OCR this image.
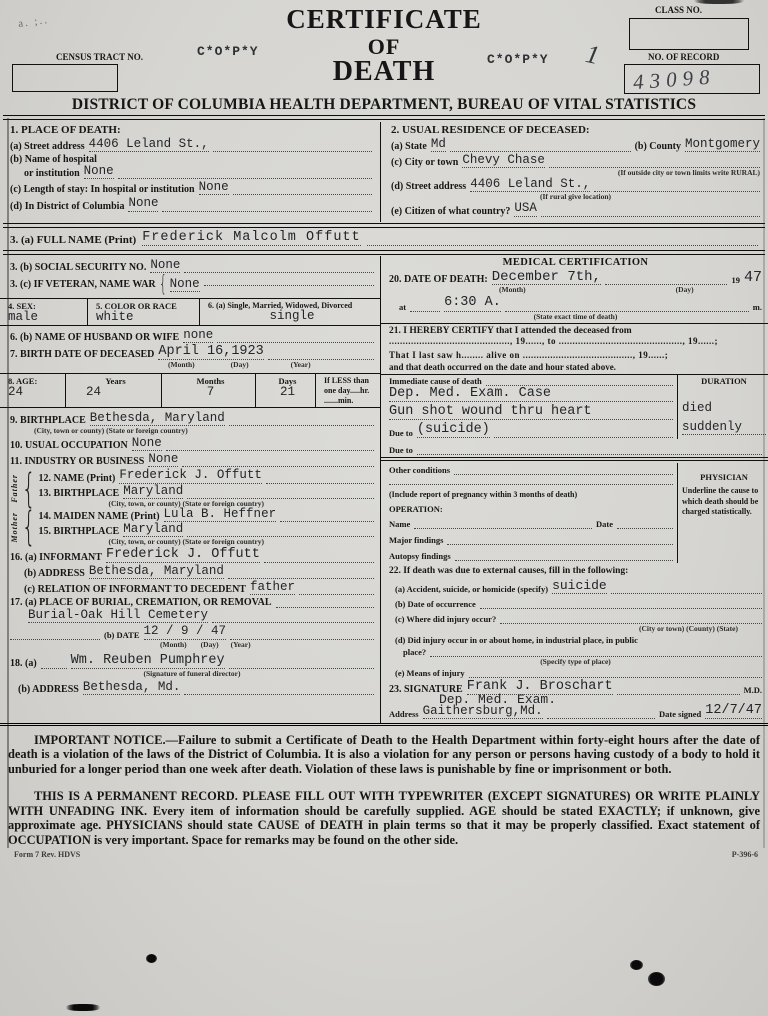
a. ;..	CERTIFICATE
OF
DEATH
C*O*P*Y
C*O*P*Y 1
CENSUS TRACT NO.
CLASS NO.
NO. OF RECORD
43098
DISTRICT OF COLUMBIA HEALTH DEPARTMENT, BUREAU OF VITAL STATISTICS
1. PLACE OF DEATH:
(a) Street address 4406 Leland St.,
(b) Name of hospital
or institution None
(c) Length of stay: In hospital or institution None
(d) In District of Columbia None
2. USUAL RESIDENCE OF DECEASED:
(a) State Md	(b) County Montgomery
(c) City or town Chevy Chase
(If outside city or town limits write RURAL)
(d) Street address 4406 Leland St.,
(If rural give location)
(e) Citizen of what country? USA
3. (a) FULL NAME (Print) Frederick Malcolm Offutt
3. (b) SOCIAL SECURITY NO. None
3. (c) IF VETERAN, NAME WAR { None
4. SEX:
male
5. COLOR OR RACE
white
6. (a) Single, Married, Widowed, Divorced
single
6. (b) NAME OF HUSBAND OR WIFE none
7. BIRTH DATE OF DECEASED April 16,1923
(Month)	(Day)	(Year)
8. AGE:
24
Years
24
Months
7
Days
21
If LESS than one day.....hr. .......min.
9. BIRTHPLACE Bethesda, Maryland
(City, town or county) (State or foreign country)
10. USUAL OCCUPATION None
11. INDUSTRY OR BUSINESS None
Father { 12. NAME (Print) Frederick J. Offutt
13. BIRTHPLACE Maryland
(City, town, or county) (State or foreign country)
Mother { 14. MAIDEN NAME (Print) Lula B. Heffner
15. BIRTHPLACE Maryland
(City, town, or county) (State or foreign country)
16. (a) INFORMANT Frederick J. Offutt
(b) ADDRESS Bethesda, Maryland
(c) RELATION OF INFORMANT TO DECEDENT father
17. (a) PLACE OF BURIAL, CREMATION, OR REMOVAL
Burial-Oak Hill Cemetery
(b) DATE 12 / 9 / 47
(Month) (Day) (Year)
18. (a)	Wm. Reuben Pumphrey
(Signature of funeral director)
(b) ADDRESS Bethesda, Md.
MEDICAL CERTIFICATION
20. DATE OF DEATH: December 7th,	19 47
(Month)	(Day)
at	6:30 A.	m.
(State exact time of death)
21. I HEREBY CERTIFY that I attended the deceased from
............................................, 19......, to ............................................., 19......;
That I last saw h........ alive on ........................................, 19......;
and that death occurred on the date and hour stated above.
Immediate cause of death
Dep. Med. Exam. Case
Gun shot wound thru heart
Due to (suicide)
DURATION
died
suddenly
Due to
Other conditions
(Include report of pregnancy within 3 months of death)
OPERATION:
Name	Date
Major findings
Autopsy findings
PHYSICIAN
Underline the cause to which death should be charged statistically.
22. If death was due to external causes, fill in the following:
(a) Accident, suicide, or homicide (specify) suicide
(b) Date of occurrence
(c) Where did injury occur?
(City or town) (County) (State)
(d) Did injury occur in or about home, in industrial place, in public
place?
(Specify type of place)
(e) Means of injury
23. SIGNATURE Frank J. Broschart	M.D.
Dep. Med. Exam.
Address Gaithersburg,Md.	Date signed 12/7/47
IMPORTANT NOTICE.—Failure to submit a Certificate of Death to the Health Department within forty-eight hours after the date of death is a violation of the laws of the District of Columbia. It is also a violation for any person or persons having custody of a body to hold it unburied for a longer period than one week after death. Violation of these laws is punishable by fine or imprisonment or both.
THIS IS A PERMANENT RECORD. PLEASE FILL OUT WITH TYPEWRITER (EXCEPT SIGNATURES) OR WRITE PLAINLY WITH UNFADING INK. Every item of information should be carefully supplied. AGE should be stated EXACTLY; if unknown, give approximate age. PHYSICIANS should state CAUSE of DEATH in plain terms so that it may be properly classified. Exact statement of OCCUPATION is very important. Space for remarks may be found on the other side.
Form 7 Rev. HDVS	P-396-6
